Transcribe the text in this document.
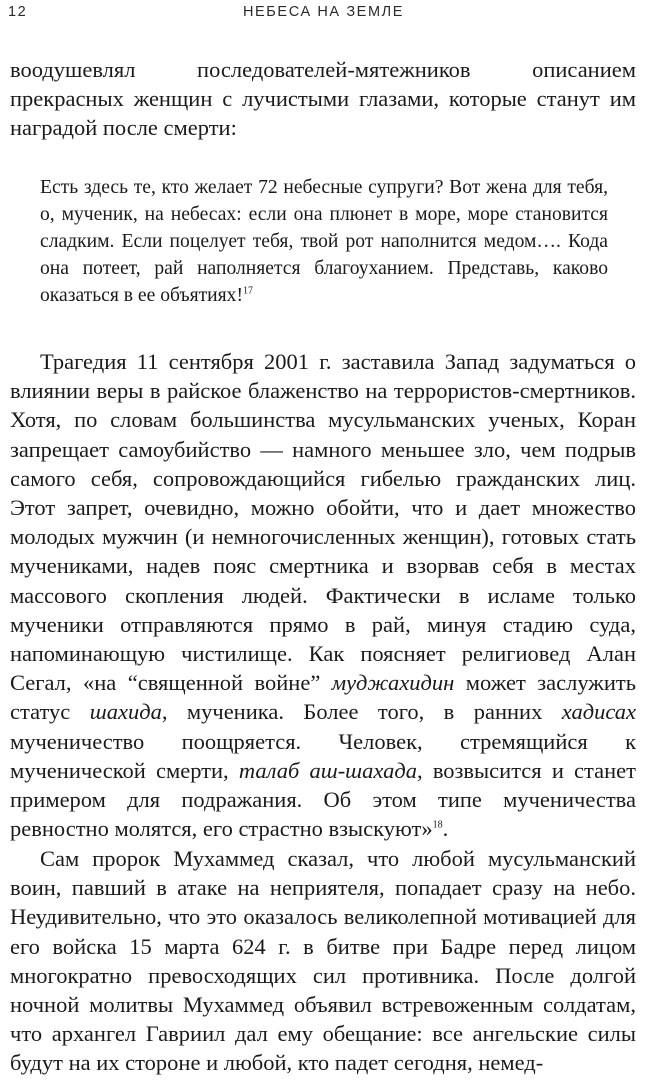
12	НЕБЕСА НА ЗЕМЛЕ

воодушевлял последователей-мятежников описанием прекрасных женщин с лучистыми глазами, которые станут им наградой после смерти:

Есть здесь те, кто желает 72 небесные супруги? Вот жена для тебя, о, мученик, на небесах: если она плюнет в море, море становится сладким. Если поцелует тебя, твой рот наполнится медом…. Кода она потеет, рай наполняется благоуханием. Представь, каково оказаться в ее объятиях!$^{17}$

Трагедия 11 сентября 2001 г. заставила Запад задуматься о влиянии веры в райское блаженство на террористов-смертников. Хотя, по словам большинства мусульманских ученых, Коран запрещает самоубийство — намного меньшее зло, чем подрыв самого себя, сопровождающийся гибелью гражданских лиц. Этот запрет, очевидно, можно обойти, что и дает множество молодых мужчин (и немногочисленных женщин), готовых стать мучениками, надев пояс смертника и взорвав себя в местах массового скопления людей. Фактически в исламе только мученики отправляются прямо в рай, минуя стадию суда, напоминающую чистилище. Как поясняет религиовед Алан Сегал, «на “священной войне” муджахидин может заслужить статус шахида, мученика. Более того, в ранних хадисах мученичество поощряется. Человек, стремящийся к мученической смерти, талаб аш-шахада, возвысится и станет примером для подражания. Об этом типе мученичества ревностно молятся, его страстно взыскуют»$^{18}$.

Сам пророк Мухаммед сказал, что любой мусульманский воин, павший в атаке на неприятеля, попадает сразу на небо. Неудивительно, что это оказалось великолепной мотивацией для его войска 15 марта 624 г. в битве при Бадре перед лицом многократно превосходящих сил противника. После долгой ночной молитвы Мухаммед объявил встревоженным солдатам, что архангел Гавриил дал ему обещание: все ангельские силы будут на их стороне и любой, кто падет сегодня, немед-
